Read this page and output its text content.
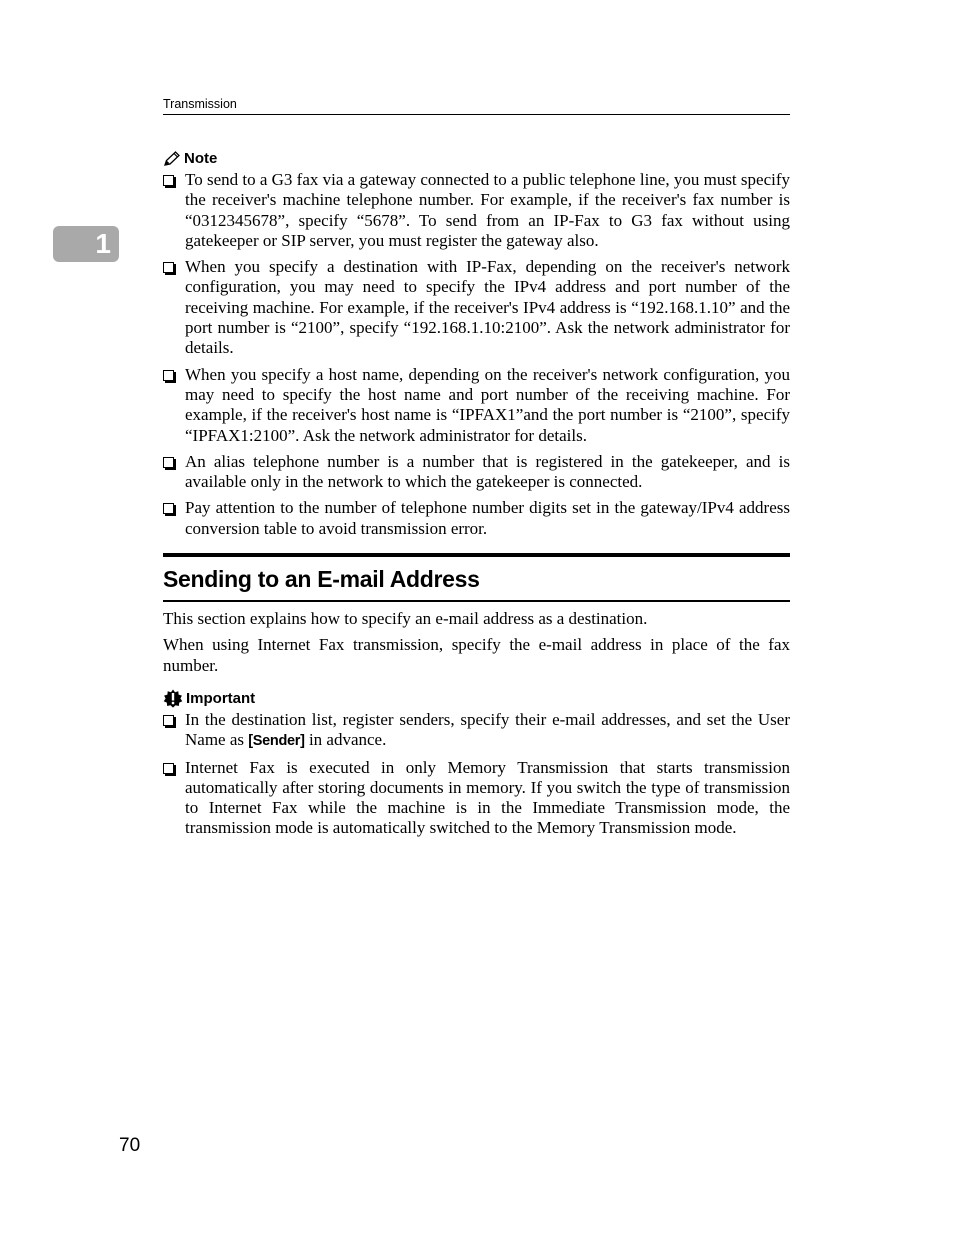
Transmission
1
Note
To send to a G3 fax via a gateway connected to a public telephone line, you must specify the receiver's machine telephone number. For example, if the receiver's fax number is “0312345678”, specify “5678”. To send from an IP-Fax to G3 fax without using gatekeeper or SIP server, you must register the gateway also.
When you specify a destination with IP-Fax, depending on the receiver's network configuration, you may need to specify the IPv4 address and port number of the receiving machine. For example, if the receiver's IPv4 address is “192.168.1.10” and the port number is “2100”, specify “192.168.1.10:2100”. Ask the network administrator for details.
When you specify a host name, depending on the receiver's network configuration, you may need to specify the host name and port number of the receiving machine. For example, if the receiver's host name is “IPFAX1”and the port number is “2100”, specify “IPFAX1:2100”. Ask the network administrator for details.
An alias telephone number is a number that is registered in the gatekeeper, and is available only in the network to which the gatekeeper is connected.
Pay attention to the number of telephone number digits set in the gateway/IPv4 address conversion table to avoid transmission error.
Sending to an E-mail Address

This section explains how to specify an e-mail address as a destination.

When using Internet Fax transmission, specify the e-mail address in place of the fax number.

Important
In the destination list, register senders, specify their e-mail addresses, and set the User Name as [Sender] in advance.
Internet Fax is executed in only Memory Transmission that starts transmission automatically after storing documents in memory. If you switch the type of transmission to Internet Fax while the machine is in the Immediate Transmission mode, the transmission mode is automatically switched to the Memory Transmission mode.
70
